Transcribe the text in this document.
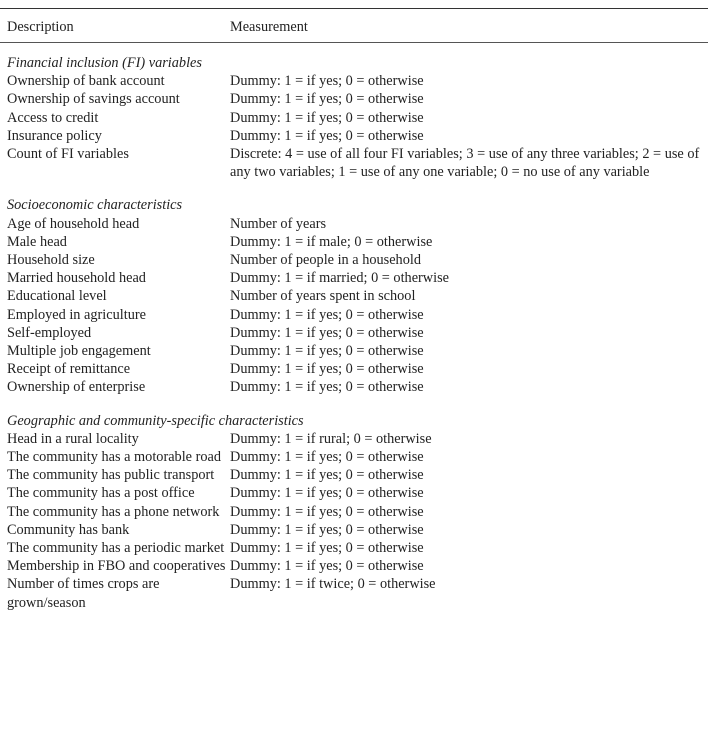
Description	Measurement

Financial inclusion (FI) variables	
Ownership of bank account	Dummy: 1 = if yes; 0 = otherwise
Ownership of savings account	Dummy: 1 = if yes; 0 = otherwise
Access to credit	Dummy: 1 = if yes; 0 = otherwise
Insurance policy	Dummy: 1 = if yes; 0 = otherwise
Count of FI variables	Discrete: 4 = use of all four FI variables; 3 = use of any three variables; 2 = use of any two variables; 1 = use of any one variable; 0 = no use of any variable

Socioeconomic characteristics	
Age of household head	Number of years
Male head	Dummy: 1 = if male; 0 = otherwise
Household size	Number of people in a household
Married household head	Dummy: 1 = if married; 0 = otherwise
Educational level	Number of years spent in school
Employed in agriculture	Dummy: 1 = if yes; 0 = otherwise
Self-employed	Dummy: 1 = if yes; 0 = otherwise
Multiple job engagement	Dummy: 1 = if yes; 0 = otherwise
Receipt of remittance	Dummy: 1 = if yes; 0 = otherwise
Ownership of enterprise	Dummy: 1 = if yes; 0 = otherwise

Geographic and community-specific characteristics	
Head in a rural locality	Dummy: 1 = if rural; 0 = otherwise
The community has a motorable road	Dummy: 1 = if yes; 0 = otherwise
The community has public transport	Dummy: 1 = if yes; 0 = otherwise
The community has a post office	Dummy: 1 = if yes; 0 = otherwise
The community has a phone network	Dummy: 1 = if yes; 0 = otherwise
Community has bank	Dummy: 1 = if yes; 0 = otherwise
The community has a periodic market	Dummy: 1 = if yes; 0 = otherwise
Membership in FBO and cooperatives	Dummy: 1 = if yes; 0 = otherwise
Number of times crops are grown/season	Dummy: 1 = if twice; 0 = otherwise
